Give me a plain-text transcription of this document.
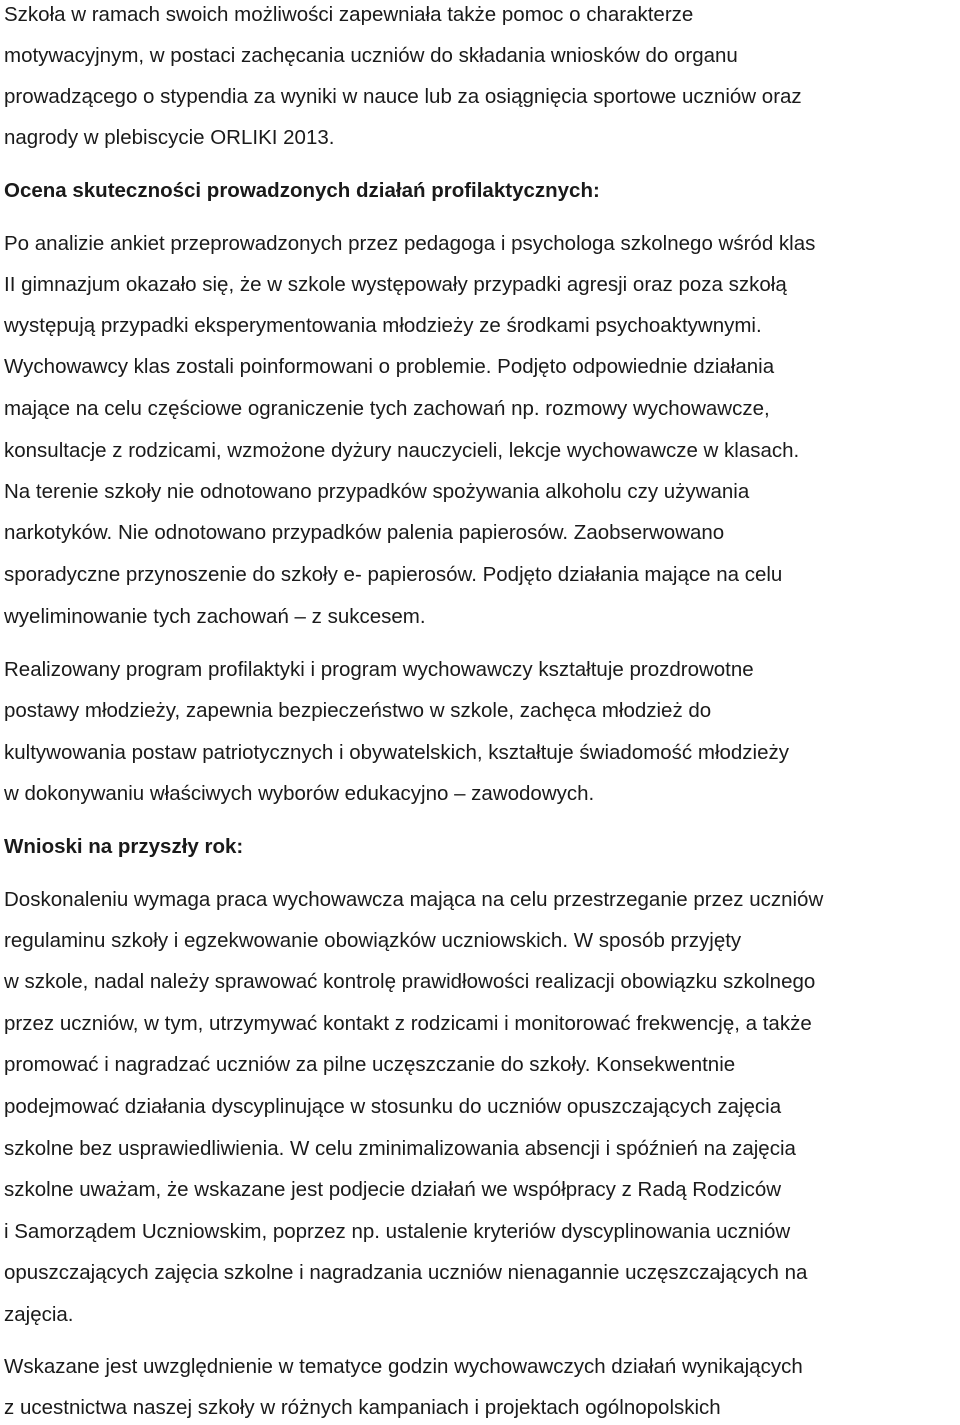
Szkoła w ramach swoich możliwości zapewniała także pomoc o charakterze
motywacyjnym, w postaci zachęcania uczniów do składania wniosków do organu
prowadzącego o stypendia za wyniki w nauce lub za osiągnięcia sportowe uczniów oraz
nagrody w plebiscycie ORLIKI 2013.
Ocena skuteczności prowadzonych działań profilaktycznych:
Po analizie ankiet przeprowadzonych przez pedagoga i psychologa szkolnego wśród klas
II gimnazjum okazało się, że w szkole występowały przypadki agresji oraz poza szkołą
występują przypadki eksperymentowania młodzieży ze środkami psychoaktywnymi.
Wychowawcy klas zostali poinformowani o problemie. Podjęto odpowiednie działania
mające na celu częściowe ograniczenie tych zachowań np. rozmowy wychowawcze,
konsultacje z rodzicami, wzmożone dyżury nauczycieli, lekcje wychowawcze w klasach.
Na terenie szkoły nie odnotowano przypadków spożywania alkoholu czy używania
narkotyków. Nie odnotowano przypadków palenia papierosów. Zaobserwowano
sporadyczne przynoszenie do szkoły e- papierosów. Podjęto działania mające na celu
wyeliminowanie tych zachowań – z sukcesem.
Realizowany program profilaktyki i program wychowawczy kształtuje prozdrowotne
postawy młodzieży, zapewnia bezpieczeństwo w szkole, zachęca młodzież do
kultywowania postaw patriotycznych i obywatelskich, kształtuje świadomość młodzieży
w dokonywaniu właściwych wyborów edukacyjno – zawodowych.
Wnioski na przyszły rok:
Doskonaleniu wymaga praca wychowawcza mająca na celu przestrzeganie przez uczniów
regulaminu szkoły i egzekwowanie obowiązków uczniowskich. W sposób przyjęty
w szkole, nadal należy sprawować kontrolę prawidłowości realizacji obowiązku szkolnego
przez uczniów, w tym, utrzymywać kontakt z rodzicami i monitorować frekwencję, a także
promować i nagradzać uczniów za pilne uczęszczanie do szkoły. Konsekwentnie
podejmować działania dyscyplinujące w stosunku do uczniów opuszczających zajęcia
szkolne bez usprawiedliwienia. W celu zminimalizowania absencji i spóźnień na zajęcia
szkolne uważam, że wskazane jest podjecie działań we współpracy z Radą Rodziców
i Samorządem Uczniowskim, poprzez np. ustalenie kryteriów dyscyplinowania uczniów
opuszczających zajęcia szkolne i nagradzania uczniów nienagannie uczęszczających na
zajęcia.
Wskazane jest uwzględnienie w tematyce godzin wychowawczych działań wynikających
z ucestnictwa naszej szkoły w różnych kampaniach i projektach ogólnopolskich
